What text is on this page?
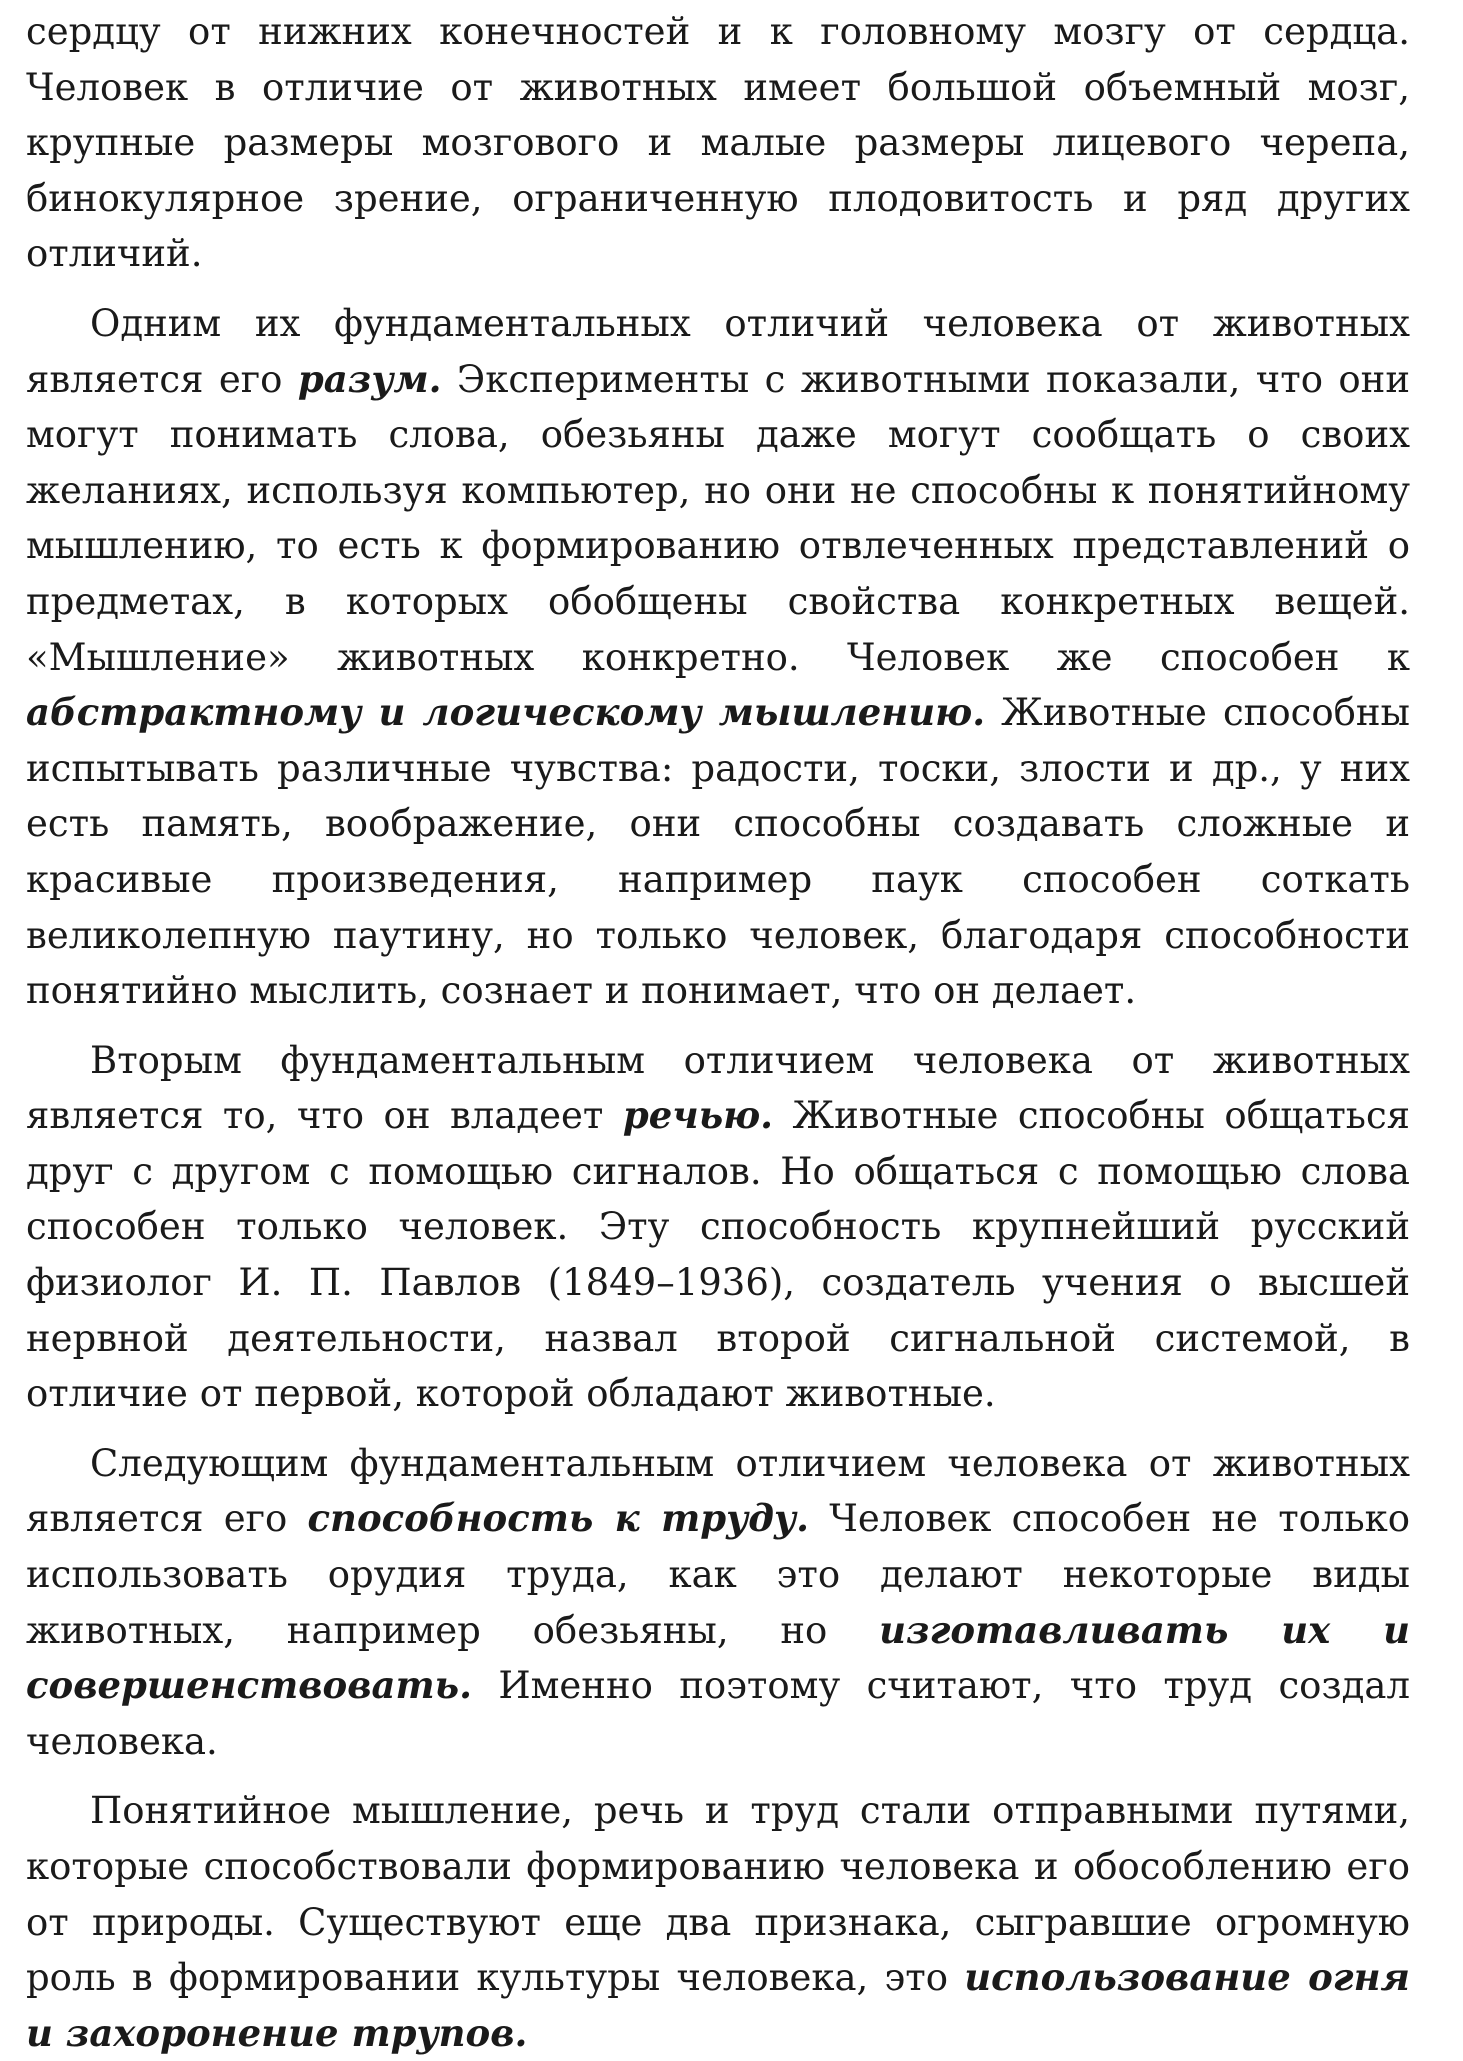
сердцу от нижних конечностей и к головному мозгу от сердца. Человек в отличие от животных имеет большой объемный мозг, крупные размеры мозгового и малые размеры лицевого черепа, бинокулярное зрение, ограниченную плодовитость и ряд других отличий.

Одним их фундаментальных отличий человека от животных является его разум. Эксперименты с животными показали, что они могут понимать слова, обезьяны даже могут сообщать о своих желаниях, используя компьютер, но они не способны к понятийному мышлению, то есть к формированию отвлеченных представлений о предметах, в которых обобщены свойства конкретных вещей. «Мышление» животных конкретно. Человек же способен к абстрактному и логическому мышлению. Животные способны испытывать различные чувства: радости, тоски, злости и др., у них есть память, воображение, они способны создавать сложные и красивые произведения, например паук способен соткать великолепную паутину, но только человек, благодаря способности понятийно мыслить, сознает и понимает, что он делает.

Вторым фундаментальным отличием человека от животных является то, что он владеет речью. Животные способны общаться друг с другом с помощью сигналов. Но общаться с помощью слова способен только человек. Эту способность крупнейший русский физиолог И. П. Павлов (1849–1936), создатель учения о высшей нервной деятельности, назвал второй сигнальной системой, в отличие от первой, которой обладают животные.

Следующим фундаментальным отличием человека от животных является его способность к труду. Человек способен не только использовать орудия труда, как это делают некоторые виды животных, например обезьяны, но изготавливать их и совершенствовать. Именно поэтому считают, что труд создал человека.

Понятийное мышление, речь и труд стали отправными путями, которые способствовали формированию человека и обособлению его от природы. Существуют еще два признака, сыгравшие огромную роль в формировании культуры человека, это использование огня и захоронение трупов.
